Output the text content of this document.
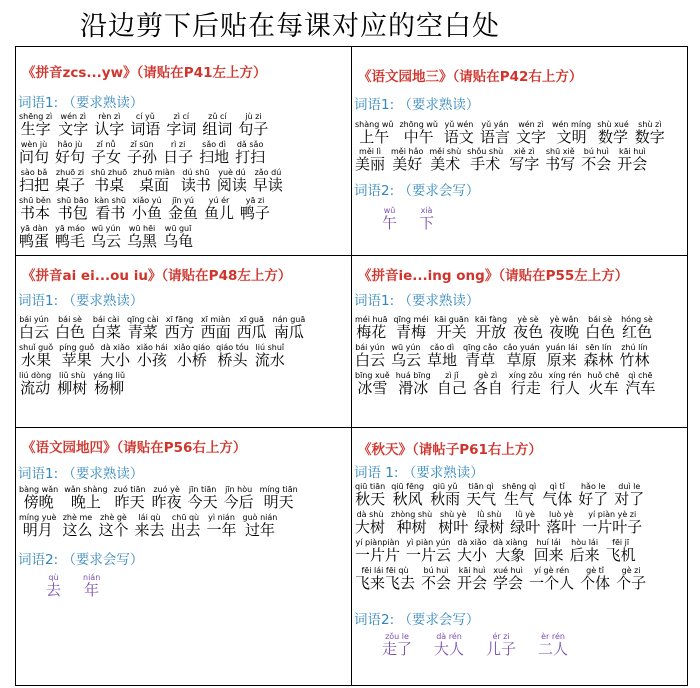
沿边剪下后贴在每课对应的空白处
《拼音zcs...yw》（请贴在P41左上方）
词语1: （要求熟读）
shēng zì
生字
wén zì
文字
rèn zì
认字
cí yǔ
词语
zì cí
字词
zǔ cí
组词
jù zi
句子
wèn jù
问句
hǎo jù
好句
zǐ nǚ
子女
zǐ sūn
子孙
rì zi
日子
sǎo dì
扫地
dǎ sǎo
打扫
sào bǎ
扫把
zhuō zi
桌子
shū zhuō
书桌
zhuō miàn
桌面
dú shū
读书
yuè dú
阅读
zǎo dú
早读
shū běn
书本
shū bāo
书包
kàn shū
看书
xiǎo yú
小鱼
jīn yú
金鱼
yú ér
鱼儿
yā zi
鸭子
yā dàn
鸭蛋
yā máo
鸭毛
wū yún
乌云
wū hēi
乌黑
wū guī
乌龟
《语文园地三》（请贴在P42右上方）
词语1: （要求熟读）
shàng wǔ
上午
zhōng wǔ
中午
yǔ wén
语文
yǔ yán
语言
wén zì
文字
wén míng
文明
shù xué
数学
shù zì
数字
měi lì
美丽
měi hǎo
美好
měi shù
美术
shǒu shù
手术
xiě zì
写字
shū xiě
书写
bú huì
不会
kāi huì
开会
词语2: （要求会写）
wǔ
午
xià
下
《拼音ai ei...ou iu》（请贴在P48左上方）
词语1: （要求熟读）
bái yún
白云
bái sè
白色
bái cài
白菜
qīng cài
青菜
xī fāng
西方
xī miàn
西面
xī guā
西瓜
nán guā
南瓜
shuǐ guǒ
水果
píng guǒ
苹果
dà xiǎo
大小
xiǎo hái
小孩
xiǎo qiáo
小桥
qiáo tóu
桥头
liú shuǐ
流水
liú dòng
流动
liǔ shù
柳树
yáng liǔ
杨柳
《拼音ie...ing ong》（请贴在P55左上方）
词语1: （要求熟读）
méi huā
梅花
qīng méi
青梅
kāi guān
开关
kāi fàng
开放
yè sè
夜色
yè wǎn
夜晚
bái sè
白色
hóng sè
红色
bái yún
白云
wū yún
乌云
cǎo dì
草地
qīng cǎo
青草
cǎo yuán
草原
yuán lái
原来
sēn lín
森林
zhú lín
竹林
bīng xuě
冰雪
huá bīng
滑冰
zì jǐ
自己
gè zì
各自
xíng zǒu
行走
xíng rén
行人
huǒ chē
火车
qì chē
汽车
《语文园地四》（请贴在P56右上方）
词语1: （要求熟读）
bàng wǎn
傍晚
wǎn shàng
晚上
zuó tiān
昨天
zuó yè
昨夜
jīn tiān
今天
jīn hòu
今后
míng tiān
明天
míng yuè
明月
zhè me
这么
zhè gè
这个
lái qù
来去
chū qù
出去
yì nián
一年
guò nián
过年
词语2: （要求会写）
qù
去
nián
年
《秋天》（请帖子P61右上方）
词语 1: （要求熟读）
qiū tiān
秋天
qiū fēng
秋风
qiū yǔ
秋雨
tiān qì
天气
shēng qì
生气
qì tǐ
气体
hǎo le
好了
duì le
对了
dà shù
大树
zhòng shù
种树
shù yè
树叶
lǜ shù
绿树
lǜ yè
绿叶
luò yè
落叶
yí piàn yè zi
一片叶子
yí piànpiàn
一片片
yì piàn yún
一片云
dà xiǎo
大小
dà xiàng
大象
huí lái
回来
hòu lái
后来
fēi jī
飞机
fēi lái fēi qù
飞来飞去
bú huì
不会
kāi huì
开会
xué huì
学会
yí gè rén
一个人
gè tǐ
个体
gè zi
个子
词语2: （要求会写）
zǒu le
走了
dà rén
大人
ér zi
儿子
èr rén
二人
